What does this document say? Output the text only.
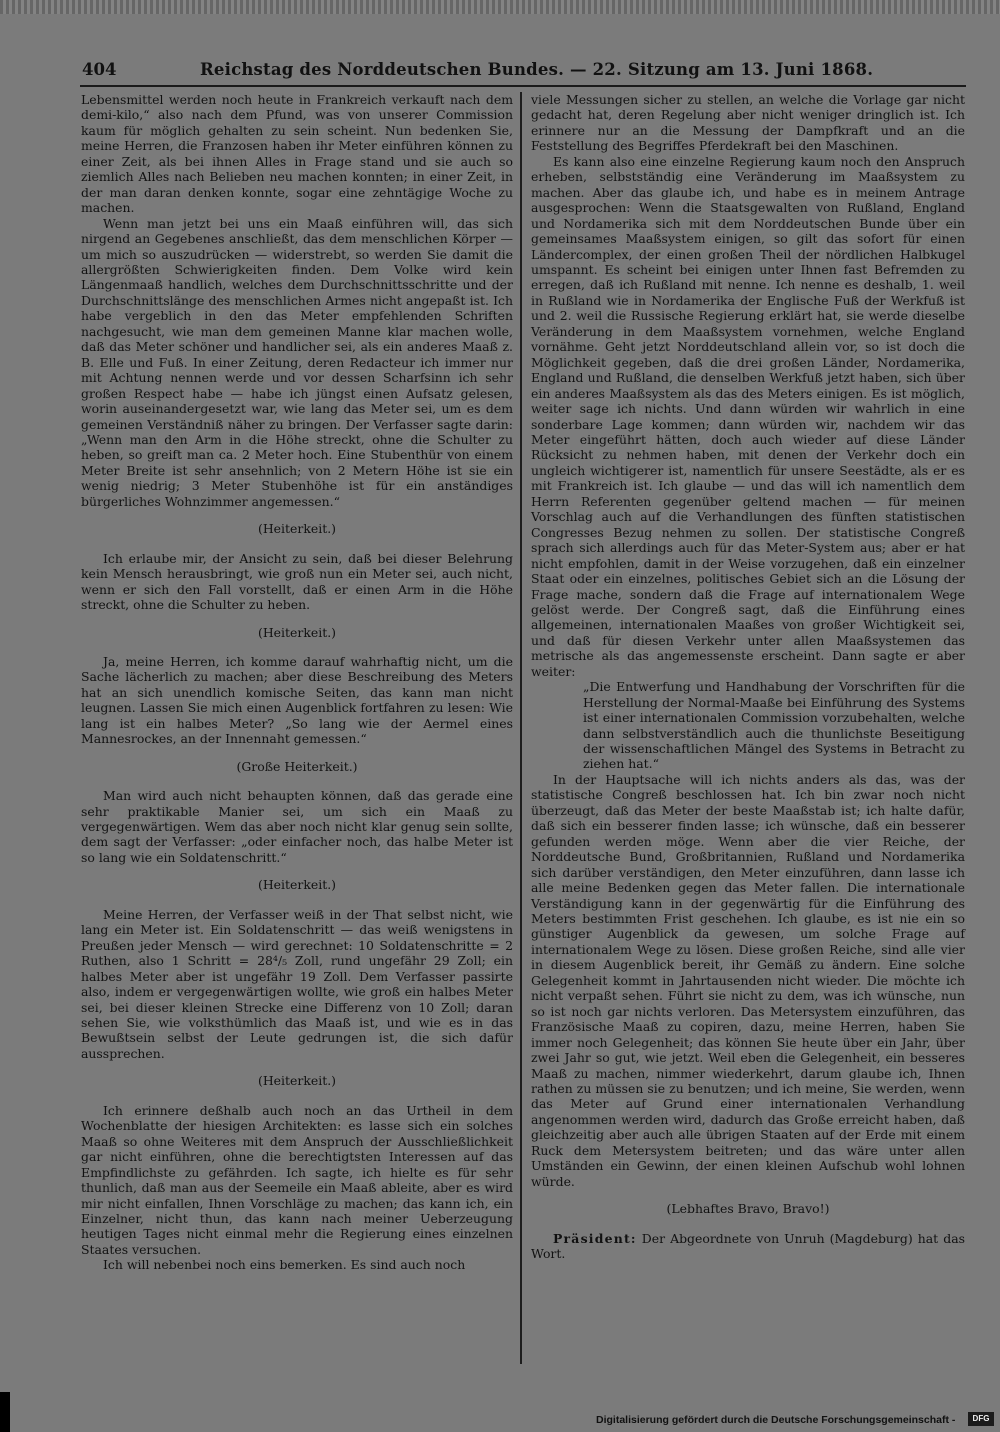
404	Reichstag des Norddeutschen Bundes. — 22. Sitzung am 13. Juni 1868.

Lebensmittel werden noch heute in Frankreich verkauft nach dem demi-kilo,“ also nach dem Pfund, was von unserer Commission kaum für möglich gehalten zu sein scheint. Nun bedenken Sie, meine Herren, die Franzosen haben ihr Meter einführen können zu einer Zeit, als bei ihnen Alles in Frage stand und sie auch so ziemlich Alles nach Belieben neu machen konnten; in einer Zeit, in der man daran denken konnte, sogar eine zehntägige Woche zu machen.

Wenn man jetzt bei uns ein Maaß einführen will, das sich nirgend an Gegebenes anschließt, das dem menschlichen Körper — um mich so auszudrücken — widerstrebt, so werden Sie damit die allergrößten Schwierigkeiten finden. Dem Volke wird kein Längenmaaß handlich, welches dem Durchschnittsschritte und der Durchschnittslänge des menschlichen Armes nicht angepaßt ist. Ich habe vergeblich in den das Meter empfehlenden Schriften nachgesucht, wie man dem gemeinen Manne klar machen wolle, daß das Meter schöner und handlicher sei, als ein anderes Maaß z. B. Elle und Fuß. In einer Zeitung, deren Redacteur ich immer nur mit Achtung nennen werde und vor dessen Scharfsinn ich sehr großen Respect habe — habe ich jüngst einen Aufsatz gelesen, worin auseinandergesetzt war, wie lang das Meter sei, um es dem gemeinen Verständniß näher zu bringen. Der Verfasser sagte darin: „Wenn man den Arm in die Höhe streckt, ohne die Schulter zu heben, so greift man ca. 2 Meter hoch. Eine Stubenthür von einem Meter Breite ist sehr ansehnlich; von 2 Metern Höhe ist sie ein wenig niedrig; 3 Meter Stubenhöhe ist für ein anständiges bürgerliches Wohnzimmer angemessen.“

(Heiterkeit.)

Ich erlaube mir, der Ansicht zu sein, daß bei dieser Belehrung kein Mensch herausbringt, wie groß nun ein Meter sei, auch nicht, wenn er sich den Fall vorstellt, daß er einen Arm in die Höhe streckt, ohne die Schulter zu heben.

(Heiterkeit.)

Ja, meine Herren, ich komme darauf wahrhaftig nicht, um die Sache lächerlich zu machen; aber diese Beschreibung des Meters hat an sich unendlich komische Seiten, das kann man nicht leugnen. Lassen Sie mich einen Augenblick fortfahren zu lesen: Wie lang ist ein halbes Meter? „So lang wie der Aermel eines Mannesrockes, an der Innennaht gemessen.“

(Große Heiterkeit.)

Man wird auch nicht behaupten können, daß das gerade eine sehr praktikable Manier sei, um sich ein Maaß zu vergegenwärtigen. Wem das aber noch nicht klar genug sein sollte, dem sagt der Verfasser: „oder einfacher noch, das halbe Meter ist so lang wie ein Soldatenschritt.“

(Heiterkeit.)

Meine Herren, der Verfasser weiß in der That selbst nicht, wie lang ein Meter ist. Ein Soldatenschritt — das weiß wenigstens in Preußen jeder Mensch — wird gerechnet: 10 Soldatenschritte = 2 Ruthen, also 1 Schritt = 28⁴/₅ Zoll, rund ungefähr 29 Zoll; ein halbes Meter aber ist ungefähr 19 Zoll. Dem Verfasser passirte also, indem er vergegenwärtigen wollte, wie groß ein halbes Meter sei, bei dieser kleinen Strecke eine Differenz von 10 Zoll; daran sehen Sie, wie volksthümlich das Maaß ist, und wie es in das Bewußtsein selbst der Leute gedrungen ist, die sich dafür aussprechen.

(Heiterkeit.)

Ich erinnere deßhalb auch noch an das Urtheil in dem Wochenblatte der hiesigen Architekten: es lasse sich ein solches Maaß so ohne Weiteres mit dem Anspruch der Ausschließlichkeit gar nicht einführen, ohne die berechtigtsten Interessen auf das Empfindlichste zu gefährden. Ich sagte, ich hielte es für sehr thunlich, daß man aus der Seemeile ein Maaß ableite, aber es wird mir nicht einfallen, Ihnen Vorschläge zu machen; das kann ich, ein Einzelner, nicht thun, das kann nach meiner Ueberzeugung heutigen Tages nicht einmal mehr die Regierung eines einzelnen Staates versuchen.

Ich will nebenbei noch eins bemerken. Es sind auch noch

viele Messungen sicher zu stellen, an welche die Vorlage gar nicht gedacht hat, deren Regelung aber nicht weniger dringlich ist. Ich erinnere nur an die Messung der Dampfkraft und an die Feststellung des Begriffes Pferdekraft bei den Maschinen.

Es kann also eine einzelne Regierung kaum noch den Anspruch erheben, selbstständig eine Veränderung im Maaßsystem zu machen. Aber das glaube ich, und habe es in meinem Antrage ausgesprochen: Wenn die Staatsgewalten von Rußland, England und Nordamerika sich mit dem Norddeutschen Bunde über ein gemeinsames Maaßsystem einigen, so gilt das sofort für einen Ländercomplex, der einen großen Theil der nördlichen Halbkugel umspannt. Es scheint bei einigen unter Ihnen fast Befremden zu erregen, daß ich Rußland mit nenne. Ich nenne es deshalb, 1. weil in Rußland wie in Nordamerika der Englische Fuß der Werkfuß ist und 2. weil die Russische Regierung erklärt hat, sie werde dieselbe Veränderung in dem Maaßsystem vornehmen, welche England vornähme. Geht jetzt Norddeutschland allein vor, so ist doch die Möglichkeit gegeben, daß die drei großen Länder, Nordamerika, England und Rußland, die denselben Werkfuß jetzt haben, sich über ein anderes Maaßsystem als das des Meters einigen. Es ist möglich, weiter sage ich nichts. Und dann würden wir wahrlich in eine sonderbare Lage kommen; dann würden wir, nachdem wir das Meter eingeführt hätten, doch auch wieder auf diese Länder Rücksicht zu nehmen haben, mit denen der Verkehr doch ein ungleich wichtigerer ist, namentlich für unsere Seestädte, als er es mit Frankreich ist. Ich glaube — und das will ich namentlich dem Herrn Referenten gegenüber geltend machen — für meinen Vorschlag auch auf die Verhandlungen des fünften statistischen Congresses Bezug nehmen zu sollen. Der statistische Congreß sprach sich allerdings auch für das Meter-System aus; aber er hat nicht empfohlen, damit in der Weise vorzugehen, daß ein einzelner Staat oder ein einzelnes, politisches Gebiet sich an die Lösung der Frage mache, sondern daß die Frage auf internationalem Wege gelöst werde. Der Congreß sagt, daß die Einführung eines allgemeinen, internationalen Maaßes von großer Wichtigkeit sei, und daß für diesen Verkehr unter allen Maaßsystemen das metrische als das angemessenste erscheint. Dann sagte er aber weiter:

„Die Entwerfung und Handhabung der Vorschriften für die Herstellung der Normal-Maaße bei Einführung des Systems ist einer internationalen Commission vorzubehalten, welche dann selbstverständlich auch die thunlichste Beseitigung der wissenschaftlichen Mängel des Systems in Betracht zu ziehen hat.“

In der Hauptsache will ich nichts anders als das, was der statistische Congreß beschlossen hat. Ich bin zwar noch nicht überzeugt, daß das Meter der beste Maaßstab ist; ich halte dafür, daß sich ein besserer finden lasse; ich wünsche, daß ein besserer gefunden werden möge. Wenn aber die vier Reiche, der Norddeutsche Bund, Großbritannien, Rußland und Nordamerika sich darüber verständigen, den Meter einzuführen, dann lasse ich alle meine Bedenken gegen das Meter fallen. Die internationale Verständigung kann in der gegenwärtig für die Einführung des Meters bestimmten Frist geschehen. Ich glaube, es ist nie ein so günstiger Augenblick da gewesen, um solche Frage auf internationalem Wege zu lösen. Diese großen Reiche, sind alle vier in diesem Augenblick bereit, ihr Gemäß zu ändern. Eine solche Gelegenheit kommt in Jahrtausenden nicht wieder. Die möchte ich nicht verpaßt sehen. Führt sie nicht zu dem, was ich wünsche, nun so ist noch gar nichts verloren. Das Metersystem einzuführen, das Französische Maaß zu copiren, dazu, meine Herren, haben Sie immer noch Gelegenheit; das können Sie heute über ein Jahr, über zwei Jahr so gut, wie jetzt. Weil eben die Gelegenheit, ein besseres Maaß zu machen, nimmer wiederkehrt, darum glaube ich, Ihnen rathen zu müssen sie zu benutzen; und ich meine, Sie werden, wenn das Meter auf Grund einer internationalen Verhandlung angenommen werden wird, dadurch das Große erreicht haben, daß gleichzeitig aber auch alle übrigen Staaten auf der Erde mit einem Ruck dem Metersystem beitreten; und das wäre unter allen Umständen ein Gewinn, der einen kleinen Aufschub wohl lohnen würde.

(Lebhaftes Bravo, Bravo!)

Präsident: Der Abgeordnete von Unruh (Magdeburg) hat das Wort.

Digitalisierung gefördert durch die Deutsche Forschungsgemeinschaft -	DFG
